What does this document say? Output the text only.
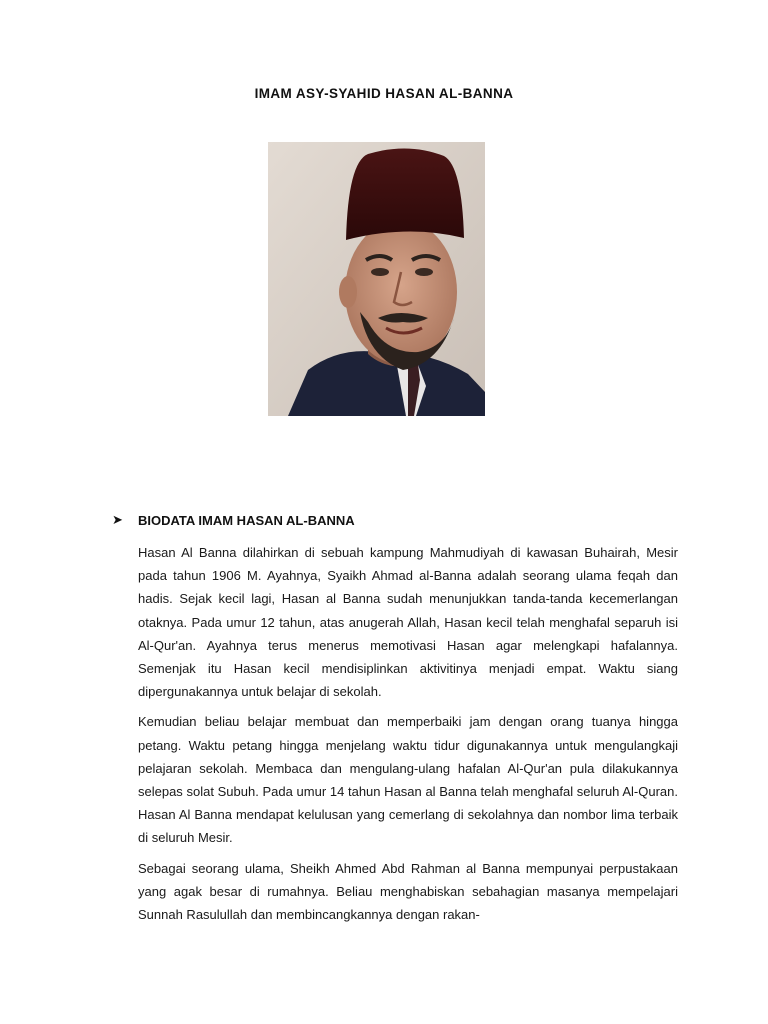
IMAM ASY-SYAHID HASAN AL-BANNA
➤	BIODATA IMAM HASAN AL-BANNA

Hasan Al Banna dilahirkan di sebuah kampung Mahmudiyah di kawasan Buhairah, Mesir pada tahun 1906 M. Ayahnya, Syaikh Ahmad al-Banna adalah seorang ulama feqah dan hadis. Sejak kecil lagi, Hasan al Banna sudah menunjukkan tanda-tanda kecemerlangan otaknya. Pada umur 12 tahun, atas anugerah Allah, Hasan kecil telah menghafal separuh isi Al-Qur'an. Ayahnya terus menerus memotivasi Hasan agar melengkapi hafalannya. Semenjak itu Hasan kecil mendisiplinkan aktivitinya menjadi empat. Waktu siang dipergunakannya untuk belajar di sekolah.

Kemudian beliau belajar membuat dan memperbaiki jam dengan orang tuanya hingga petang. Waktu petang hingga menjelang waktu tidur digunakannya untuk mengulangkaji pelajaran sekolah. Membaca dan mengulang-ulang hafalan Al-Qur'an pula dilakukannya selepas solat Subuh. Pada umur 14 tahun Hasan al Banna telah menghafal seluruh Al-Quran. Hasan Al Banna mendapat kelulusan yang cemerlang di sekolahnya dan nombor lima terbaik di seluruh Mesir.

Sebagai seorang ulama, Sheikh Ahmed Abd Rahman al Banna mempunyai perpustakaan yang agak besar di rumahnya. Beliau menghabiskan sebahagian masanya mempelajari Sunnah Rasulullah dan membincangkannya dengan rakan-
